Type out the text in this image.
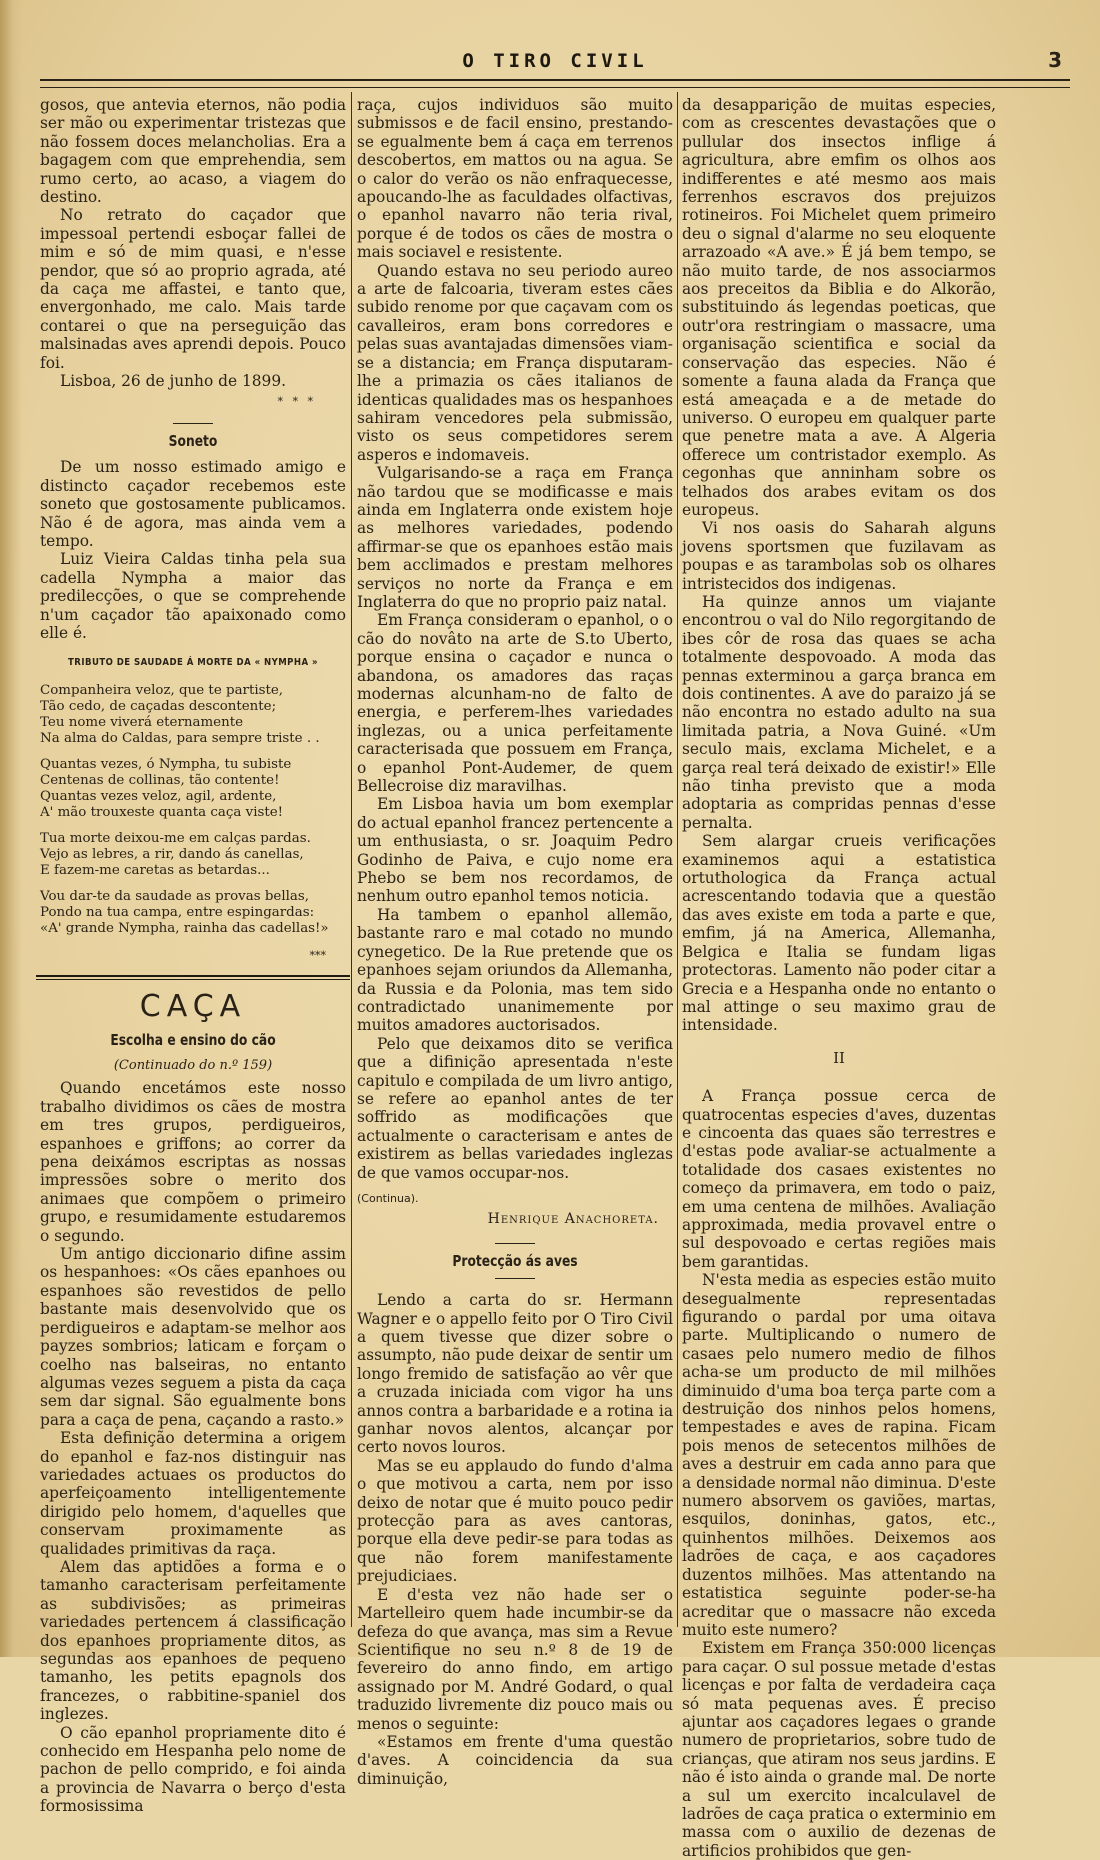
O TIRO CIVIL	3

gosos, que antevia eternos, não podia ser mão ou experimentar tristezas que não fossem doces melancholias. Era a bagagem com que emprehendia, sem rumo certo, ao acaso, a viagem do destino.

No retrato do caçador que impessoal pertendi esboçar fallei de mim e só de mim quasi, e n'esse pendor, que só ao proprio agrada, até da caça me affastei, e tanto que, envergonhado, me calo. Mais tarde contarei o que na perseguição das malsinadas aves aprendi depois. Pouco foi.

Lisboa, 26 de junho de 1899.

* * *
Soneto

De um nosso estimado amigo e distincto caçador recebemos este soneto que gostosamente publicamos. Não é de agora, mas ainda vem a tempo.

Luiz Vieira Caldas tinha pela sua cadella Nympha a maior das predilecções, o que se comprehende n'um caçador tão apaixonado como elle é.

TRIBUTO DE SAUDADE Á MORTE DA « NYMPHA »
Companheira veloz, que te partiste,
Tão cedo, de caçadas descontente;
Teu nome viverá eternamente
Na alma do Caldas, para sempre triste . .
Quantas vezes, ó Nympha, tu subiste
Centenas de collinas, tão contente!
Quantas vezes veloz, agil, ardente,
A' mão trouxeste quanta caça viste!
Tua morte deixou-me em calças pardas.
Vejo as lebres, a rir, dando ás canellas,
E fazem-me caretas as betardas...
Vou dar-te da saudade as provas bellas,
Pondo na tua campa, entre espingardas:
«A' grande Nympha, rainha das cadellas!»
***
CAÇA
Escolha e ensino do cão
(Continuado do n.º 159)

Quando encetámos este nosso trabalho dividimos os cães de mostra em tres grupos, perdigueiros, espanhoes e griffons; ao correr da pena deixámos escriptas as nossas impressões sobre o merito dos animaes que compõem o primeiro grupo, e resumidamente estudaremos o segundo.

Um antigo diccionario difine assim os hespanhoes: «Os cães epanhoes ou espanhoes são revestidos de pello bastante mais desenvolvido que os perdigueiros e adaptam-se melhor aos payzes sombrios; laticam e forçam o coelho nas balseiras, no entanto algumas vezes seguem a pista da caça sem dar signal. São egualmente bons para a caça de pena, caçando a rasto.»

Esta definição determina a origem do epanhol e faz-nos distinguir nas variedades actuaes os productos do aperfeiçoamento intelligentemente dirigido pelo homem, d'aquelles que conservam proximamente as qualidades primitivas da raça.

Alem das aptidões a forma e o tamanho caracterisam perfeitamente as subdivisões; as primeiras variedades pertencem á classificação dos epanhoes propriamente ditos, as segundas aos epanhoes de pequeno tamanho, les petits epagnols dos francezes, o rabbitine-spaniel dos inglezes.

O cão epanhol propriamente dito é conhecido em Hespanha pelo nome de pachon de pello comprido, e foi ainda a provincia de Navarra o berço d'esta formosissima

raça, cujos individuos são muito submissos e de facil ensino, prestando-se egualmente bem á caça em terrenos descobertos, em mattos ou na agua. Se o calor do verão os não enfraquecesse, apoucando-lhe as faculdades olfactivas, o epanhol navarro não teria rival, porque é de todos os cães de mostra o mais sociavel e resistente.

Quando estava no seu periodo aureo a arte de falcoaria, tiveram estes cães subido renome por que caçavam com os cavalleiros, eram bons corredores e pelas suas avantajadas dimensões viam-se a distancia; em França disputaram-lhe a primazia os cães italianos de identicas qualidades mas os hespanhoes sahiram vencedores pela submissão, visto os seus competidores serem asperos e indomaveis.

Vulgarisando-se a raça em França não tardou que se modificasse e mais ainda em Inglaterra onde existem hoje as melhores variedades, podendo affirmar-se que os epanhoes estão mais bem acclimados e prestam melhores serviços no norte da França e em Inglaterra do que no proprio paiz natal.

Em França consideram o epanhol, o o cão do novâto na arte de S.to Uberto, porque ensina o caçador e nunca o abandona, os amadores das raças modernas alcunham-no de falto de energia, e perferem-lhes variedades inglezas, ou a unica perfeitamente caracterisada que possuem em França, o epanhol Pont-Audemer, de quem Bellecroise diz maravilhas.

Em Lisboa havia um bom exemplar do actual epanhol francez pertencente a um enthusiasta, o sr. Joaquim Pedro Godinho de Paiva, e cujo nome era Phebo se bem nos recordamos, de nenhum outro epanhol temos noticia.

Ha tambem o epanhol allemão, bastante raro e mal cotado no mundo cynegetico. De la Rue pretende que os epanhoes sejam oriundos da Allemanha, da Russia e da Polonia, mas tem sido contradictado unanimemente por muitos amadores auctorisados.

Pelo que deixamos dito se verifica que a difinição apresentada n'este capitulo e compilada de um livro antigo, se refere ao epanhol antes de ter soffrido as modificações que actualmente o caracterisam e antes de existirem as bellas variedades inglezas de que vamos occupar-nos.

(Continua).
Henrique Anachoreta.
Protecção ás aves

Lendo a carta do sr. Hermann Wagner e o appello feito por O Tiro Civil a quem tivesse que dizer sobre o assumpto, não pude deixar de sentir um longo fremido de satisfação ao vêr que a cruzada iniciada com vigor ha uns annos contra a barbaridade e a rotina ia ganhar novos alentos, alcançar por certo novos louros.

Mas se eu applaudo do fundo d'alma o que motivou a carta, nem por isso deixo de notar que é muito pouco pedir protecção para as aves cantoras, porque ella deve pedir-se para todas as que não forem manifestamente prejudiciaes.

E d'esta vez não hade ser o Martelleiro quem hade incumbir-se da defeza do que avança, mas sim a Revue Scientifique no seu n.º 8 de 19 de fevereiro do anno findo, em artigo assignado por M. André Godard, o qual traduzido livremente diz pouco mais ou menos o seguinte:

«Estamos em frente d'uma questão d'aves. A coincidencia da sua diminuição,

da desapparição de muitas especies, com as crescentes devastações que o pullular dos insectos inflige á agricultura, abre emfim os olhos aos indifferentes e até mesmo aos mais ferrenhos escravos dos prejuizos rotineiros. Foi Michelet quem primeiro deu o signal d'alarme no seu eloquente arrazoado «A ave.» É já bem tempo, se não muito tarde, de nos associarmos aos preceitos da Biblia e do Alkorão, substituindo ás legendas poeticas, que outr'ora restringiam o massacre, uma organisação scientifica e social da conservação das especies. Não é somente a fauna alada da França que está ameaçada e a de metade do universo. O europeu em qualquer parte que penetre mata a ave. A Algeria offerece um contristador exemplo. As cegonhas que anninham sobre os telhados dos arabes evitam os dos europeus.

Vi nos oasis do Saharah alguns jovens sportsmen que fuzilavam as poupas e as tarambolas sob os olhares intristecidos dos indigenas.

Ha quinze annos um viajante encontrou o val do Nilo regorgitando de ibes côr de rosa das quaes se acha totalmente despovoado. A moda das pennas exterminou a garça branca em dois continentes. A ave do paraizo já se não encontra no estado adulto na sua limitada patria, a Nova Guiné. «Um seculo mais, exclama Michelet, e a garça real terá deixado de existir!» Elle não tinha previsto que a moda adoptaria as compridas pennas d'esse pernalta.

Sem alargar crueis verificações examinemos aqui a estatistica ortuthologica da França actual acrescentando todavia que a questão das aves existe em toda a parte e que, emfim, já na America, Allemanha, Belgica e Italia se fundam ligas protectoras. Lamento não poder citar a Grecia e a Hespanha onde no entanto o mal attinge o seu maximo grau de intensidade.

II

A França possue cerca de quatrocentas especies d'aves, duzentas e cincoenta das quaes são terrestres e d'estas pode avaliar-se actualmente a totalidade dos casaes existentes no começo da primavera, em todo o paiz, em uma centena de milhões. Avaliação approximada, media provavel entre o sul despovoado e certas regiões mais bem garantidas.

N'esta media as especies estão muito desegualmente representadas figurando o pardal por uma oitava parte. Multiplicando o numero de casaes pelo numero medio de filhos acha-se um producto de mil milhões diminuido d'uma boa terça parte com a destruição dos ninhos pelos homens, tempestades e aves de rapina. Ficam pois menos de setecentos milhões de aves a destruir em cada anno para que a densidade normal não diminua. D'este numero absorvem os gaviões, martas, esquilos, doninhas, gatos, etc., quinhentos milhões. Deixemos aos ladrões de caça, e aos caçadores duzentos milhões. Mas attentando na estatistica seguinte poder-se-ha acreditar que o massacre não exceda muito este numero?

Existem em França 350:000 licenças para caçar. O sul possue metade d'estas licenças e por falta de verdadeira caça só mata pequenas aves. É preciso ajuntar aos caçadores legaes o grande numero de proprietarios, sobre tudo de crianças, que atiram nos seus jardins. E não é isto ainda o grande mal. De norte a sul um exercito incalculavel de ladrões de caça pratica o exterminio em massa com o auxilio de dezenas de artificios prohibidos que gen-
